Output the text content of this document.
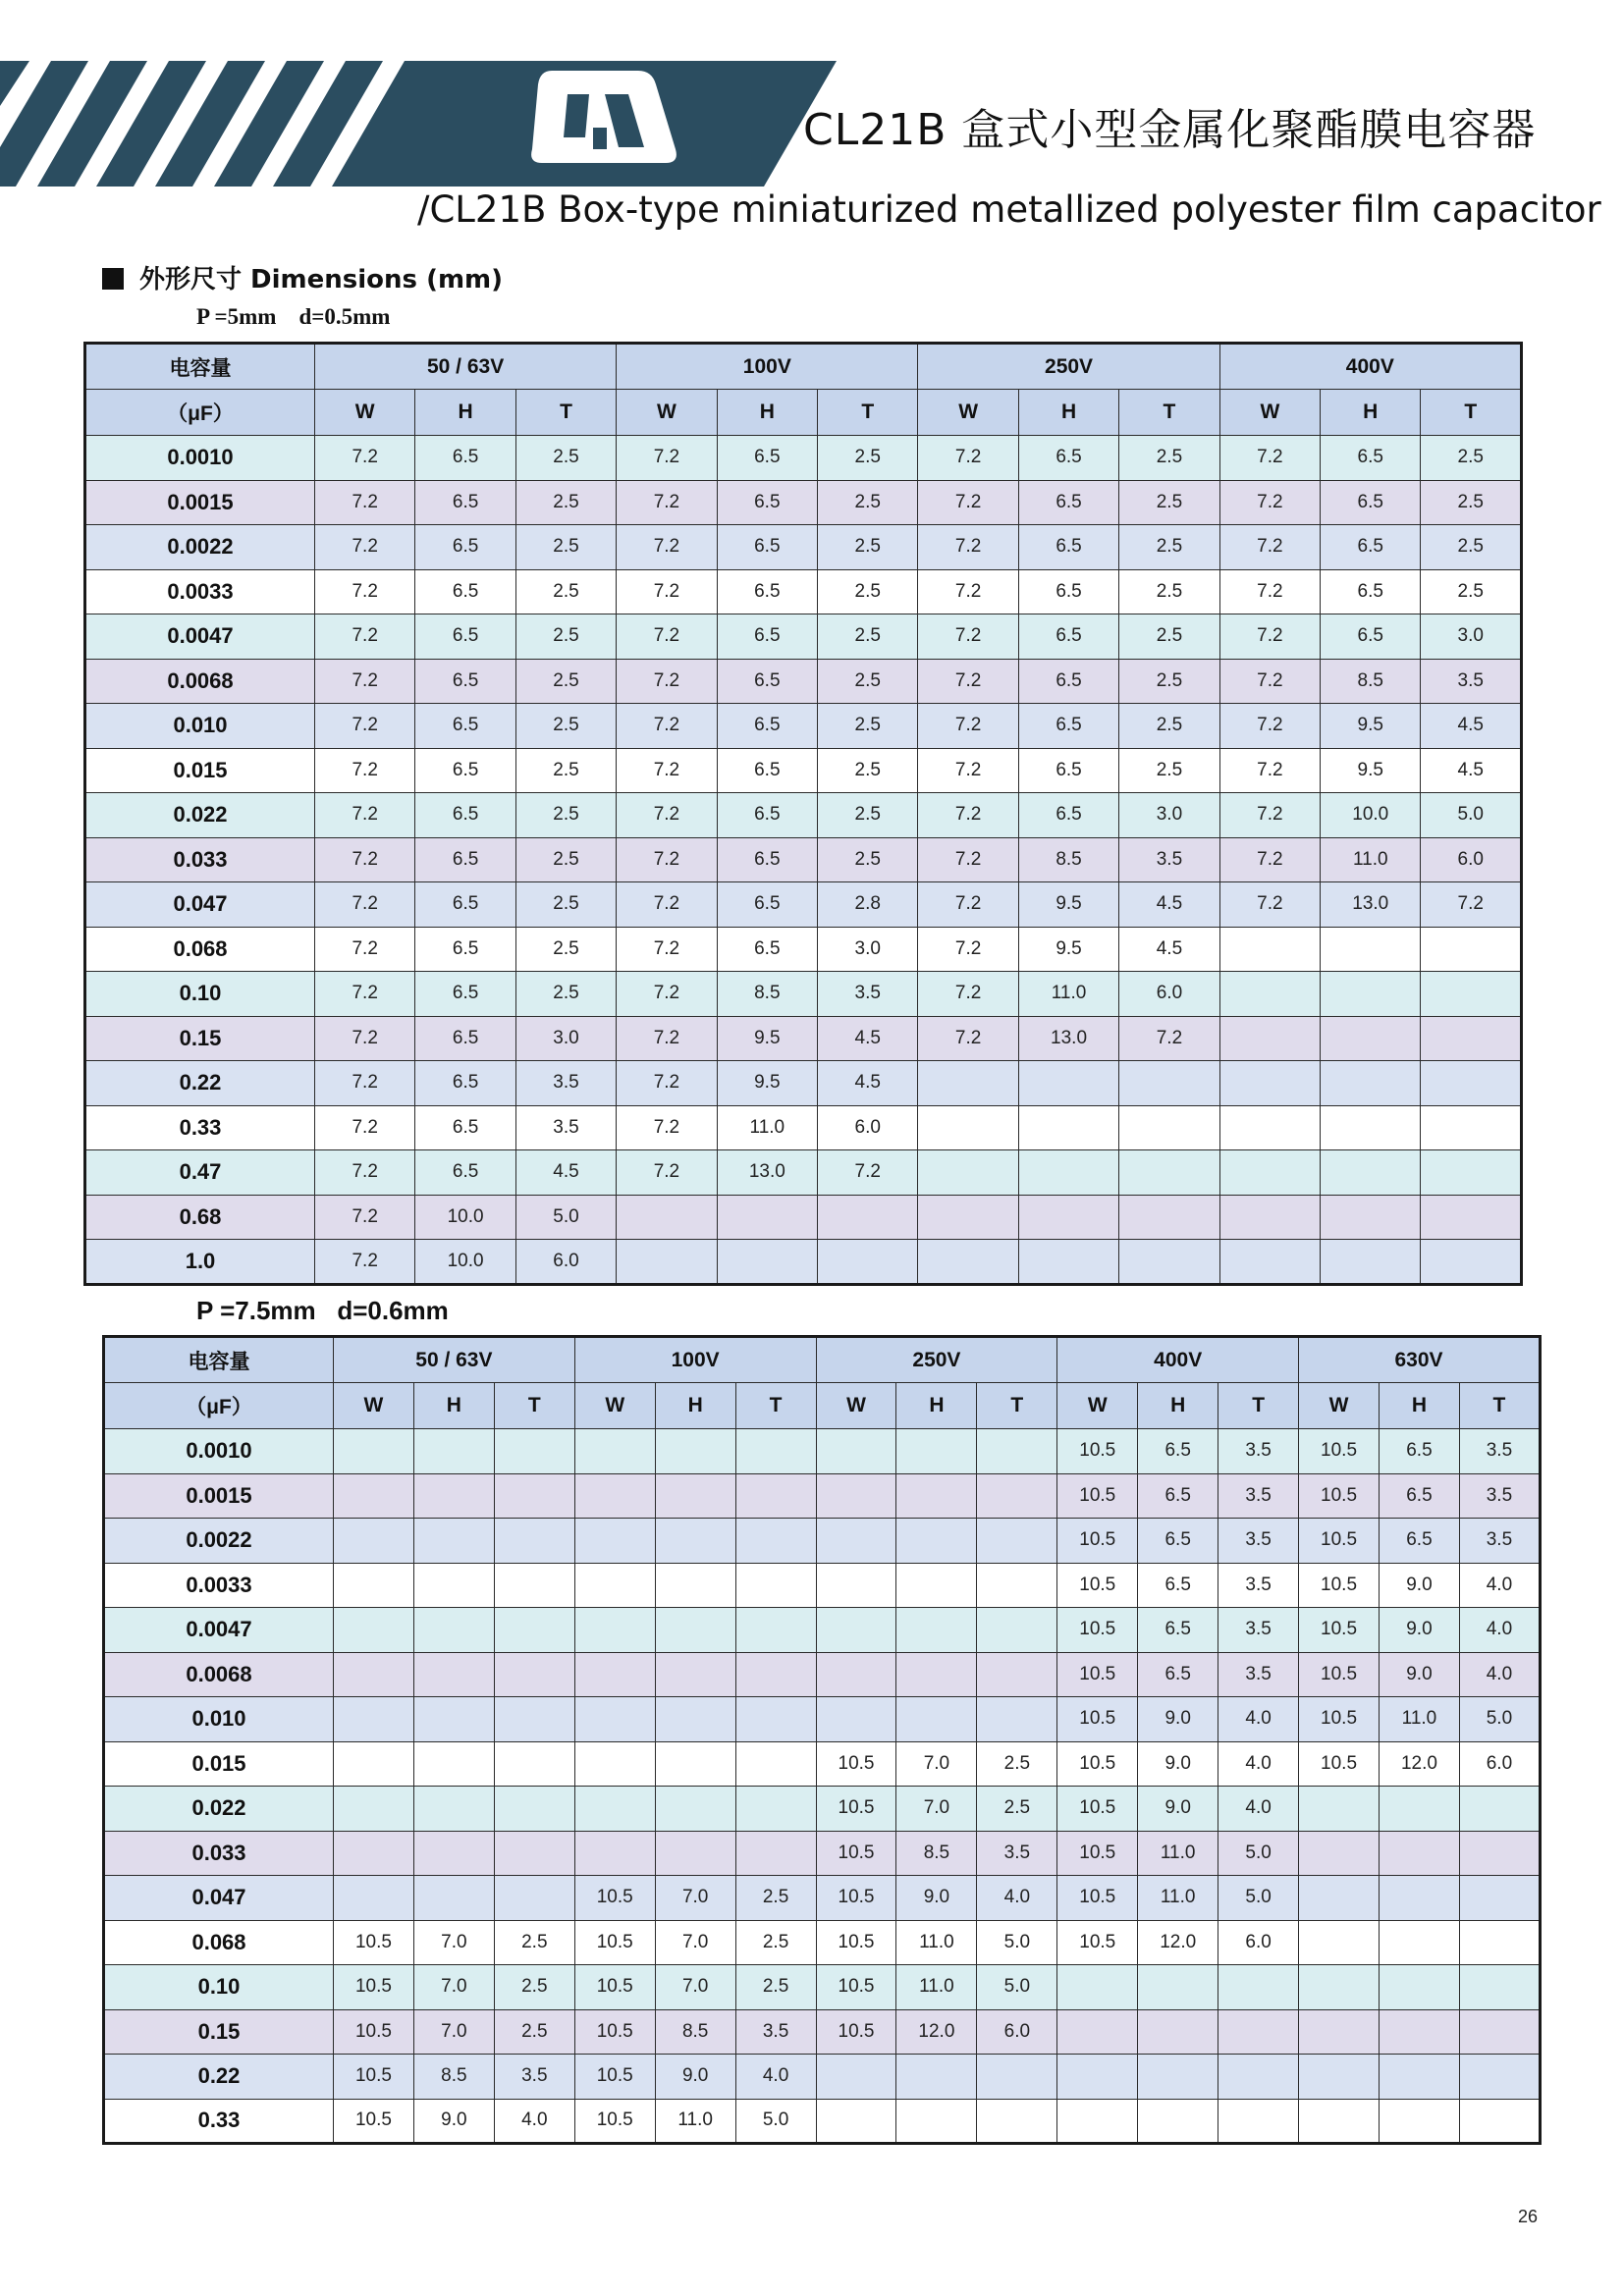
CL21B 盒式小型金属化聚酯膜电容器
/CL21B Box-type miniaturized metallized polyester film capacitor
外形尺寸 Dimensions (mm)
P =5mm    d=0.5mm
电容量	50 / 63V			100V			250V			400V		
（μF）	W	H	T	W	H	T	W	H	T	W	H	T
0.0010	7.2	6.5	2.5	7.2	6.5	2.5	7.2	6.5	2.5	7.2	6.5	2.5
0.0015	7.2	6.5	2.5	7.2	6.5	2.5	7.2	6.5	2.5	7.2	6.5	2.5
0.0022	7.2	6.5	2.5	7.2	6.5	2.5	7.2	6.5	2.5	7.2	6.5	2.5
0.0033	7.2	6.5	2.5	7.2	6.5	2.5	7.2	6.5	2.5	7.2	6.5	2.5
0.0047	7.2	6.5	2.5	7.2	6.5	2.5	7.2	6.5	2.5	7.2	6.5	3.0
0.0068	7.2	6.5	2.5	7.2	6.5	2.5	7.2	6.5	2.5	7.2	8.5	3.5
0.010	7.2	6.5	2.5	7.2	6.5	2.5	7.2	6.5	2.5	7.2	9.5	4.5
0.015	7.2	6.5	2.5	7.2	6.5	2.5	7.2	6.5	2.5	7.2	9.5	4.5
0.022	7.2	6.5	2.5	7.2	6.5	2.5	7.2	6.5	3.0	7.2	10.0	5.0
0.033	7.2	6.5	2.5	7.2	6.5	2.5	7.2	8.5	3.5	7.2	11.0	6.0
0.047	7.2	6.5	2.5	7.2	6.5	2.8	7.2	9.5	4.5	7.2	13.0	7.2
0.068	7.2	6.5	2.5	7.2	6.5	3.0	7.2	9.5	4.5			
0.10	7.2	6.5	2.5	7.2	8.5	3.5	7.2	11.0	6.0			
0.15	7.2	6.5	3.0	7.2	9.5	4.5	7.2	13.0	7.2			
0.22	7.2	6.5	3.5	7.2	9.5	4.5						
0.33	7.2	6.5	3.5	7.2	11.0	6.0						
0.47	7.2	6.5	4.5	7.2	13.0	7.2						
0.68	7.2	10.0	5.0									
1.0	7.2	10.0	6.0									
P =7.5mm   d=0.6mm
电容量	50 / 63V			100V			250V			400V			630V		
（μF）	W	H	T	W	H	T	W	H	T	W	H	T	W	H	T
0.0010										10.5	6.5	3.5	10.5	6.5	3.5
0.0015										10.5	6.5	3.5	10.5	6.5	3.5
0.0022										10.5	6.5	3.5	10.5	6.5	3.5
0.0033										10.5	6.5	3.5	10.5	9.0	4.0
0.0047										10.5	6.5	3.5	10.5	9.0	4.0
0.0068										10.5	6.5	3.5	10.5	9.0	4.0
0.010										10.5	9.0	4.0	10.5	11.0	5.0
0.015							10.5	7.0	2.5	10.5	9.0	4.0	10.5	12.0	6.0
0.022							10.5	7.0	2.5	10.5	9.0	4.0			
0.033							10.5	8.5	3.5	10.5	11.0	5.0			
0.047				10.5	7.0	2.5	10.5	9.0	4.0	10.5	11.0	5.0			
0.068	10.5	7.0	2.5	10.5	7.0	2.5	10.5	11.0	5.0	10.5	12.0	6.0			
0.10	10.5	7.0	2.5	10.5	7.0	2.5	10.5	11.0	5.0						
0.15	10.5	7.0	2.5	10.5	8.5	3.5	10.5	12.0	6.0						
0.22	10.5	8.5	3.5	10.5	9.0	4.0									
0.33	10.5	9.0	4.0	10.5	11.0	5.0									
26
